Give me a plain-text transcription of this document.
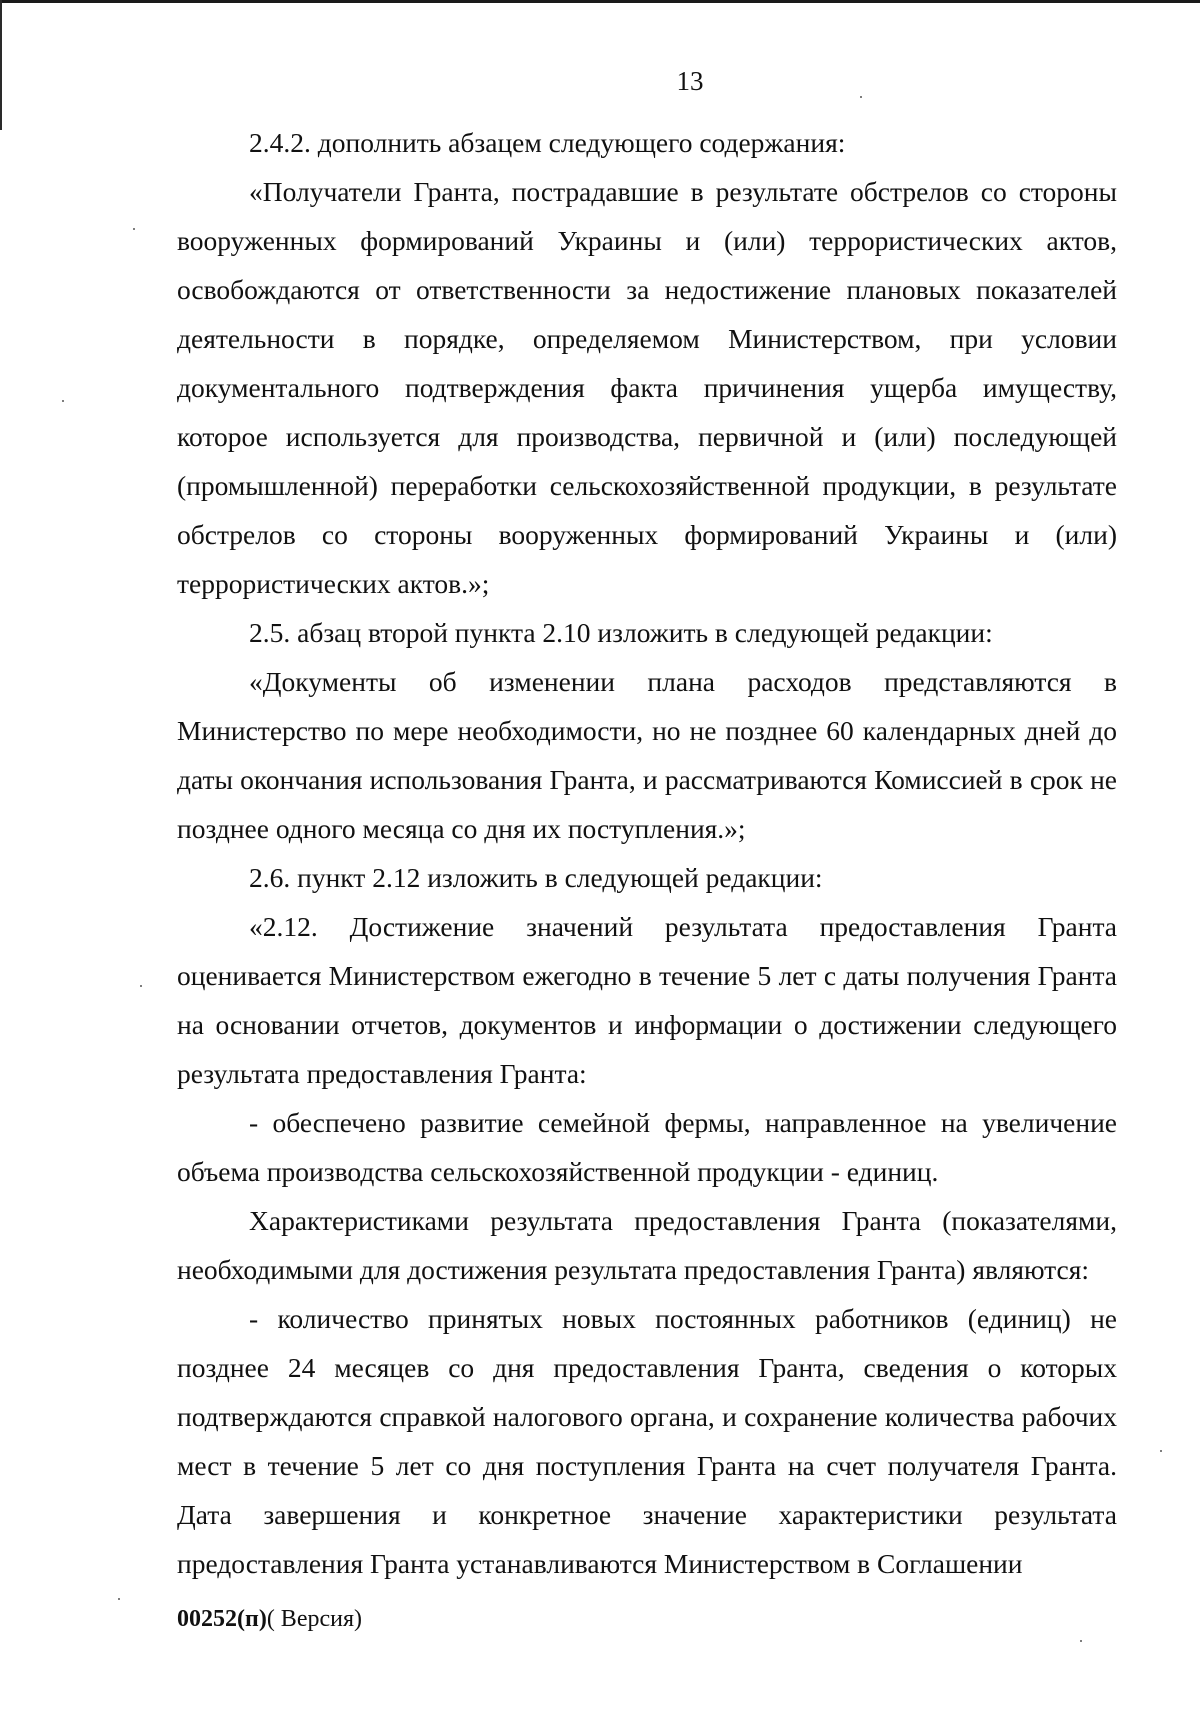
13

2.4.2. дополнить абзацем следующего содержания:

«Получатели Гранта, пострадавшие в результате обстрелов со стороны вооруженных формирований Украины и (или) террористических актов, освобождаются от ответственности за недостижение плановых показателей деятельности в порядке, определяемом Министерством, при условии документального подтверждения факта причинения ущерба имуществу, которое используется для производства, первичной и (или) последующей (промышленной) переработки сельскохозяйственной продукции, в результате обстрелов со стороны вооруженных формирований Украины и (или) террористических актов.»;

2.5. абзац второй пункта 2.10 изложить в следующей редакции:

«Документы об изменении плана расходов представляются в Министерство по мере необходимости, но не позднее 60 календарных дней до даты окончания использования Гранта, и рассматриваются Комиссией в срок не позднее одного месяца со дня их поступления.»;

2.6. пункт 2.12 изложить в следующей редакции:

«2.12. Достижение значений результата предоставления Гранта оценивается Министерством ежегодно в течение 5 лет с даты получения Гранта на основании отчетов, документов и информации о достижении следующего результата предоставления Гранта:

- обеспечено развитие семейной фермы, направленное на увеличение объема производства сельскохозяйственной продукции - единиц.

Характеристиками результата предоставления Гранта (показателями, необходимыми для достижения результата предоставления Гранта) являются:

- количество принятых новых постоянных работников (единиц) не позднее 24 месяцев со дня предоставления Гранта, сведения о которых подтверждаются справкой налогового органа, и сохранение количества рабочих мест в течение 5 лет со дня поступления Гранта на счет получателя Гранта. Дата завершения и конкретное значение характеристики результата предоставления Гранта устанавливаются Министерством в Соглашении

00252(п)( Версия)
